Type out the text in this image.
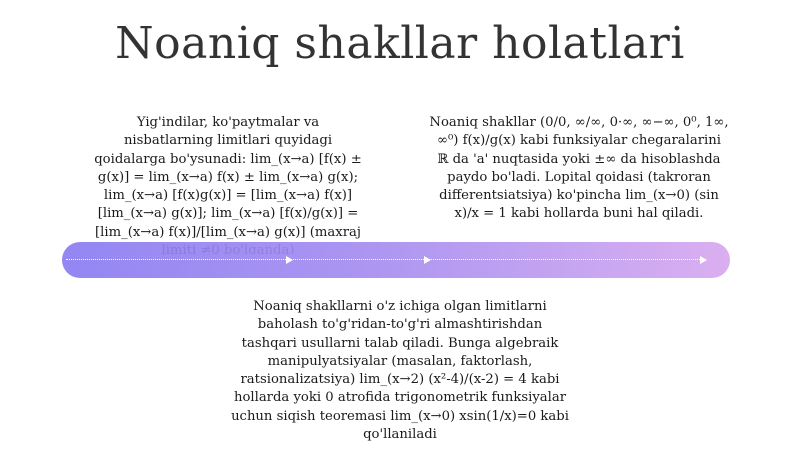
Noaniq shakllar holatlari
Yig'indilar, ko'paytmalar va
nisbatlarning limitlari quyidagi
qoidalarga bo'ysunadi: lim_(x→a) [f(x) ±
g(x)] = lim_(x→a) f(x) ± lim_(x→a) g(x);
lim_(x→a) [f(x)g(x)] = [lim_(x→a) f(x)]
[lim_(x→a) g(x)]; lim_(x→a) [f(x)/g(x)] =
[lim_(x→a) f(x)]/[lim_(x→a) g(x)] (maxraj

Noaniq shakllar (0/0, ∞/∞, 0·∞, ∞−∞, 0⁰, 1∞,
∞⁰) f(x)/g(x) kabi funksiyalar chegaralarini
ℝ da 'a' nuqtasida yoki ±∞ da hisoblashda
paydo bo'ladi. Lopital qoidasi (takroran
differentsiatsiya) ko'pincha lim_(x→0) (sin
x)/x = 1 kabi hollarda buni hal qiladi.
Noaniq shakllarni o'z ichiga olgan limitlarni
baholash to'g'ridan-to'g'ri almashtirishdan
tashqari usullarni talab qiladi. Bunga algebraik
manipulyatsiyalar (masalan, faktorlash,
ratsionalizatsiya) lim_(x→2) (x²-4)/(x-2) = 4 kabi
hollarda yoki 0 atrofida trigonometrik funksiyalar
uchun siqish teoremasi lim_(x→0) xsin(1/x)=0 kabi
qo'llaniladi
